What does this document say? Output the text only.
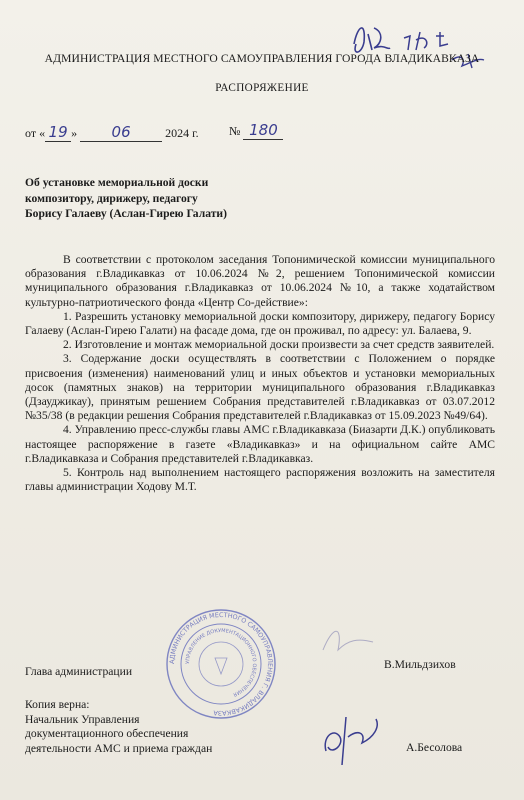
АДМИНИСТРАЦИЯ МЕСТНОГО САМОУПРАВЛЕНИЯ ГОРОДА ВЛАДИКАВКАЗА
РАСПОРЯЖЕНИЕ
от « 19 » 06	2024 г.	№ 180
Об установке мемориальной доски
композитору, дирижеру, педагогу
Борису Галаеву (Аслан-Гирею Галати)

В соответствии с протоколом заседания Топонимической комиссии муниципального образования г.Владикавказ от 10.06.2024 №2, решением Топонимической комиссии муниципального образования г.Владикавказ от 10.06.2024 №10, а также ходатайством культурно-патриотического фонда «Центр Со-действие»:

1. Разрешить установку мемориальной доски композитору, дирижеру, педагогу Борису Галаеву (Аслан-Гирею Галати) на фасаде дома, где он проживал, по адресу: ул. Балаева, 9.

2. Изготовление и монтаж мемориальной доски произвести за счет средств заявителей.

3. Содержание доски осуществлять в соответствии с Положением о порядке присвоения (изменения) наименований улиц и иных объектов и установки мемориальных досок (памятных знаков) на территории муниципального образования г.Владикавказ (Дзауджикау), принятым решением Собрания представителей г.Владикавказ от 03.07.2012 №35/38 (в редакции решения Собрания представителей г.Владикавказ от 15.09.2023 №49/64).

4. Управлению пресс-службы главы АМС г.Владикавказа (Биазарти Д.К.) опубликовать настоящее распоряжение в газете «Владикавказ» и на официальном сайте АМС г.Владикавказа и Собрания представителей г.Владикавказ.

5. Контроль над выполнением настоящего распоряжения возложить на заместителя главы администрации Ходову М.Т.

АДМИНИСТРАЦИЯ МЕСТНОГО САМОУПРАВЛЕНИЯ Г. ВЛАДИКАВКАЗА
УПРАВЛЕНИЕ ДОКУМЕНТАЦИОННОГО ОБЕСПЕЧЕНИЯ
Глава администрации
В.Мильдзихов
Копия верна:
Начальник Управления
документационного обеспечения
деятельности АМС и приема граждан	А.Бесолова
